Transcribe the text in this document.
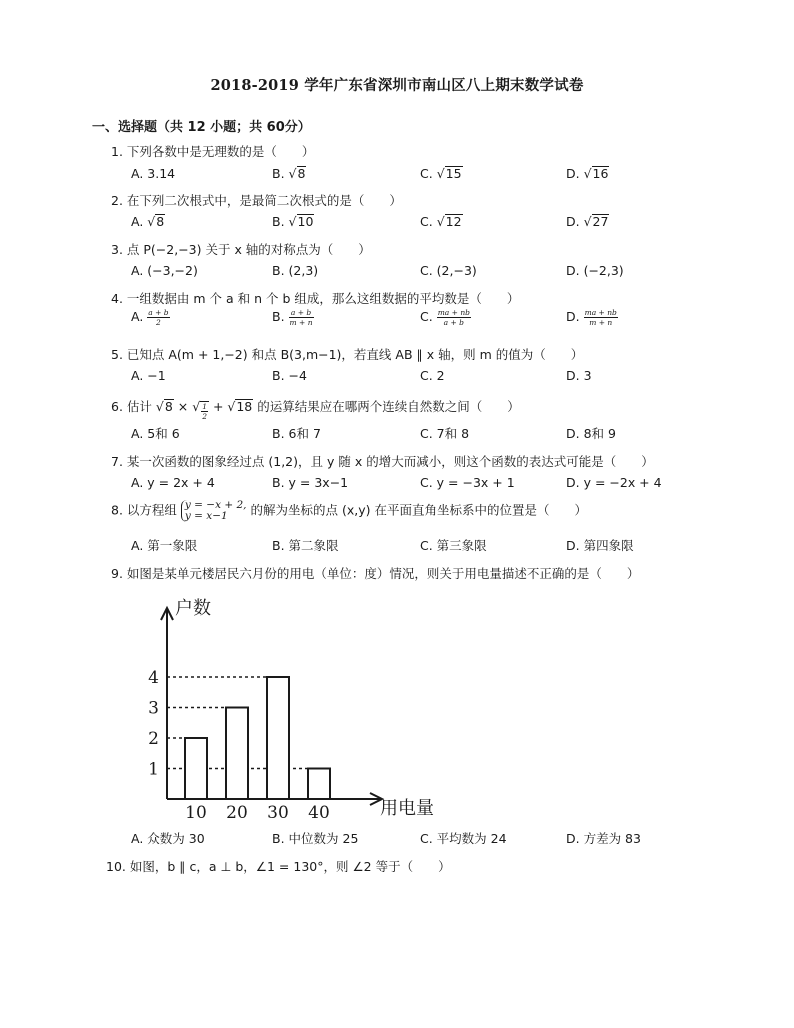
2018-2019 学年广东省深圳市南山区八上期末数学试卷
一、选择题（共 12 小题；共 60分）
1. 下列各数中是无理数的是（　　）
A. 3.14	B. √8	C. √15	D. √16
2. 在下列二次根式中，是最简二次根式的是（　　）
A. √8	B. √10	C. √12	D. √27
3. 点 P(−2,−3) 关于 x 轴的对称点为（　　）
A. (−3,−2)	B. (2,3)	C. (2,−3)	D. (−2,3)
4. 一组数据由 m 个 a 和 n 个 b 组成，那么这组数据的平均数是（　　）
A. $\frac{a + b}{2}$	B. $\frac{a + b}{m + n}$	C. $\frac{ma + nb}{a + b}$	D. $\frac{ma + nb}{m + n}$
5. 已知点 A(m + 1,−2) 和点 B(3,m−1)，若直线 AB ∥ x 轴，则 m 的值为（　　）
A. −1	B. −4	C. 2	D. 3
6. 估计 √8 × √ $\frac{1}{2} + √18$ 的运算结果应在哪两个连续自然数之间（　　）
A. 5和 6	B. 6和 7	C. 7和 8	D. 8和 9
7. 某一次函数的图象经过点 (1,2)，且 y 随 x 的增大而减小，则这个函数的表达式可能是（　　）
A. y = 2x + 4	B. y = 3x−1	C. y = −3x + 1	D. y = −2x + 4
8. 以方程组 y = −x + 2,
y = x−1	的解为坐标的点 (x,y) 在平面直角坐标系中的位置是（　　）
A. 第一象限	B. 第二象限	C. 第三象限	D. 第四象限
9. 如图是某单元楼居民六月份的用电（单位：度）情况，则关于用电量描述不正确的是（　　）
10 20 30 40
1
2
3
4
户数
用电量
A. 众数为 30	B. 中位数为 25	C. 平均数为 24	D. 方差为 83
10. 如图，b ∥ c，a ⊥ b，∠1 = 130°，则 ∠2 等于（　　）
